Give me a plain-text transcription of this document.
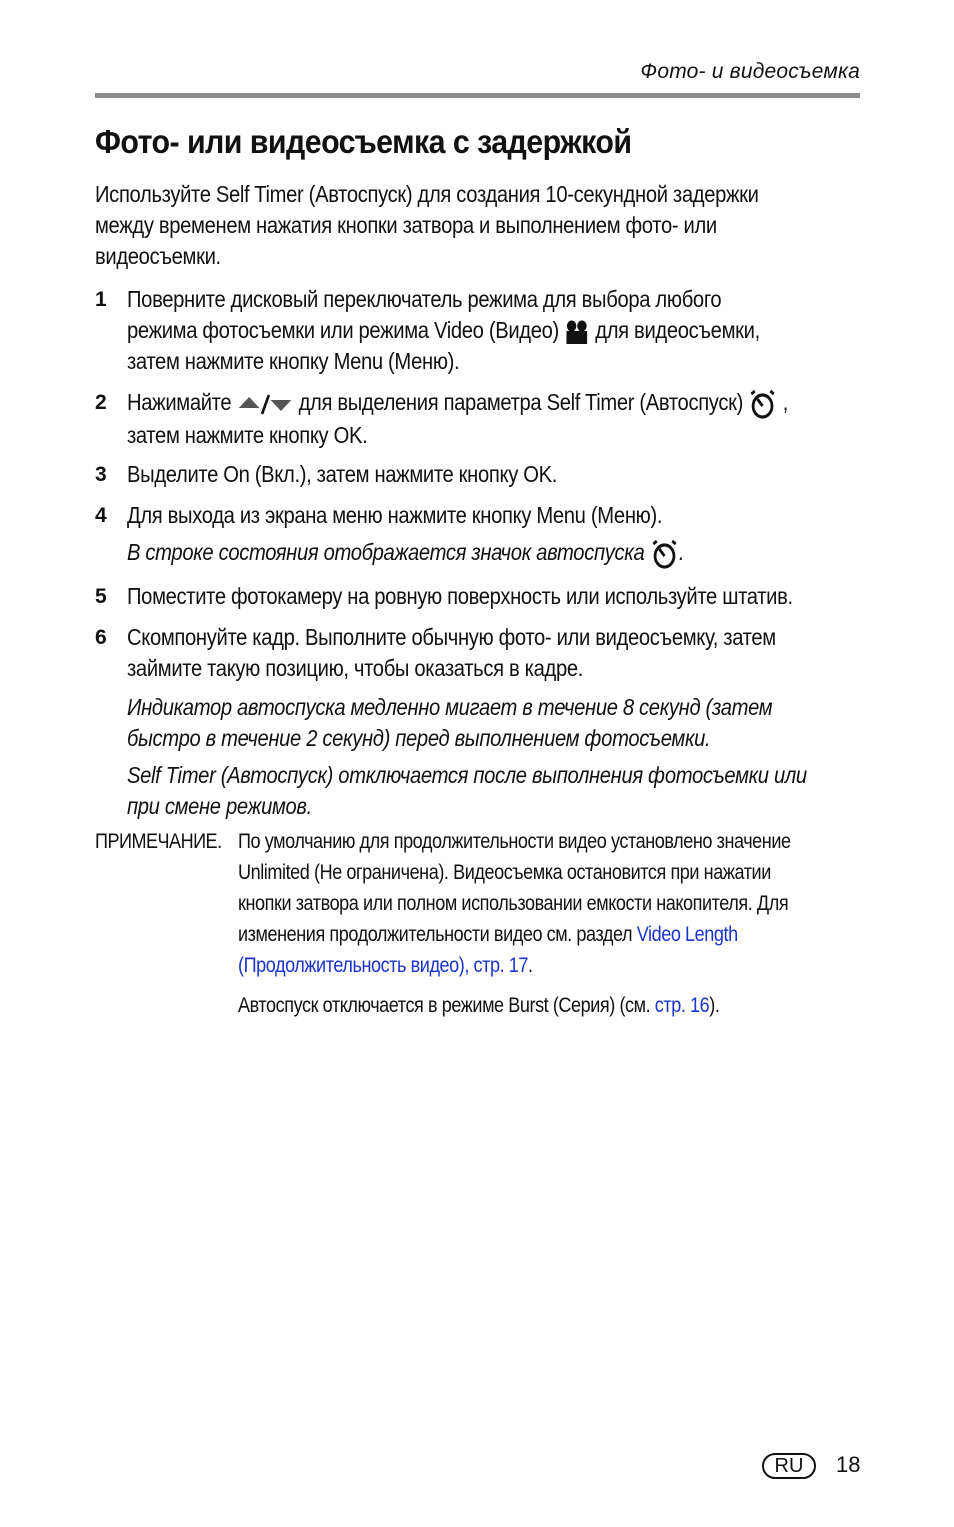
Фото- и видеосъемка
Фото- или видеосъемка с задержкой

Используйте Self Timer (Автоспуск) для создания 10-секундной задержки

между временем нажатия кнопки затвора и выполнением фото- или

видеосъемки.

1 Поверните дисковый переключатель режима для выбора любого
режима фотосъемки или режима Video (Видео) для видеосъемки,
затем нажмите кнопку Menu (Меню).
2 Нажимайте	для выделения параметра Self Timer (Автоспуск) ,
затем нажмите кнопку OK.
3 Выделите On (Вкл.), затем нажмите кнопку OK.
4 Для выхода из экрана меню нажмите кнопку Menu (Меню).
В строке состояния отображается значок автоспуска .
5 Поместите фотокамеру на ровную поверхность или используйте штатив.
6 Скомпонуйте кадр. Выполните обычную фото- или видеосъемку, затем
займите такую позицию, чтобы оказаться в кадре.
Индикатор автоспуска медленно мигает в течение 8 секунд (затем
быстро в течение 2 секунд) перед выполнением фотосъемки.
Self Timer (Автоспуск) отключается после выполнения фотосъемки или
при смене режимов.
ПРИМЕЧАНИЕ. По умолчанию для продолжительности видео установлено значение
Unlimited (Не ограничена). Видеосъемка остановится при нажатии
кнопки затвора или полном использовании емкости накопителя. Для
изменения продолжительности видео см. раздел Video Length
(Продолжительность видео), стр. 17.

Автоспуск отключается в режиме Burst (Серия) (см. стр. 16).

RU	18
